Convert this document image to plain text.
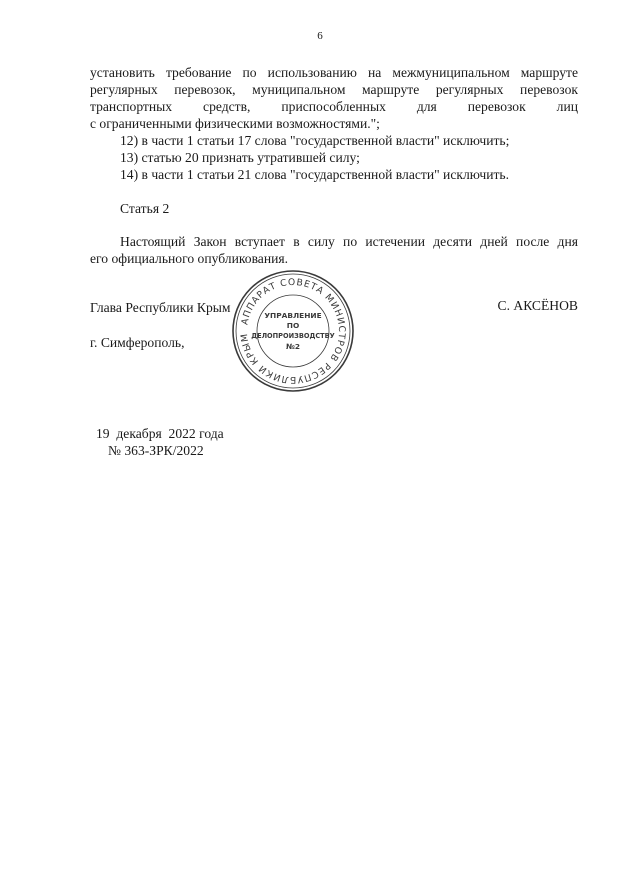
6
установить требование по использованию на межмуниципальном маршруте
регулярных перевозок, муниципальном маршруте регулярных перевозок
транспортных средств, приспособленных для перевозок лиц
с ограниченными физическими возможностями.";
12) в части 1 статьи 17 слова "государственной власти" исключить;
13) статью 20 признать утратившей силу;
14) в части 1 статьи 21 слова "государственной власти" исключить.
Статья 2
Настоящий Закон вступает в силу по истечении десяти дней после дня
его официального опубликования.
Глава Республики Крым	С. АКСЁНОВ
г. Симферополь,
АППАРАТ СОВЕТА МИНИСТРОВ РЕСПУБЛИКИ КРЫМ
УПРАВЛЕНИЕ
ПО
ДЕЛОПРОИЗВОДСТВУ
№2
19  декабря  2022 года
№ 363-ЗРК/2022
